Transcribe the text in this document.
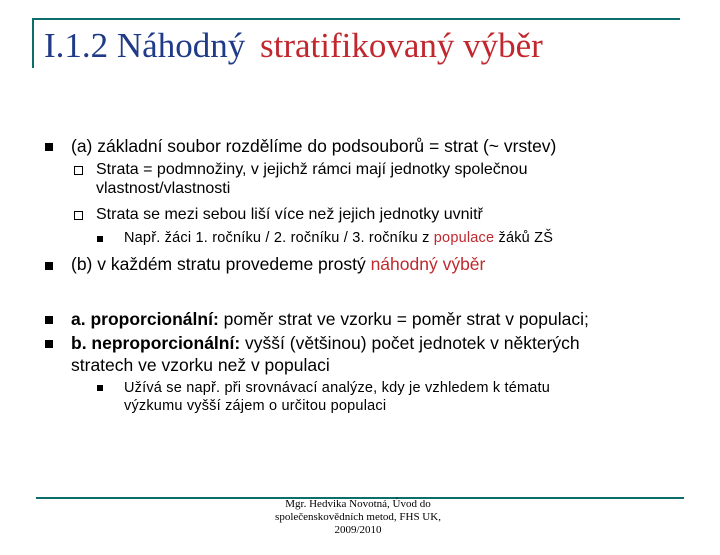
I.1.2 Náhodný stratifikovaný výběr
(a) základní soubor rozdělíme do podsouborů = strat (~ vrstev)
Strata = podmnožiny, v jejichž rámci mají jednotky společnou
vlastnost/vlastnosti
Strata se mezi sebou liší více než jejich jednotky uvnitř
Např. žáci 1. ročníku / 2. ročníku / 3. ročníku z populace žáků ZŠ
(b) v každém stratu provedeme prostý náhodný výběr
a. proporcionální: poměr strat ve vzorku = poměr strat v populaci;
b. neproporcionální: vyšší (většinou) počet jednotek v některých
stratech ve vzorku než v populaci
Užívá se např. při srovnávací analýze, kdy je vzhledem k tématu
výzkumu vyšší zájem o určitou populaci
Mgr. Hedvika Novotná, Úvod do
společenskovědních metod, FHS UK,
2009/2010
